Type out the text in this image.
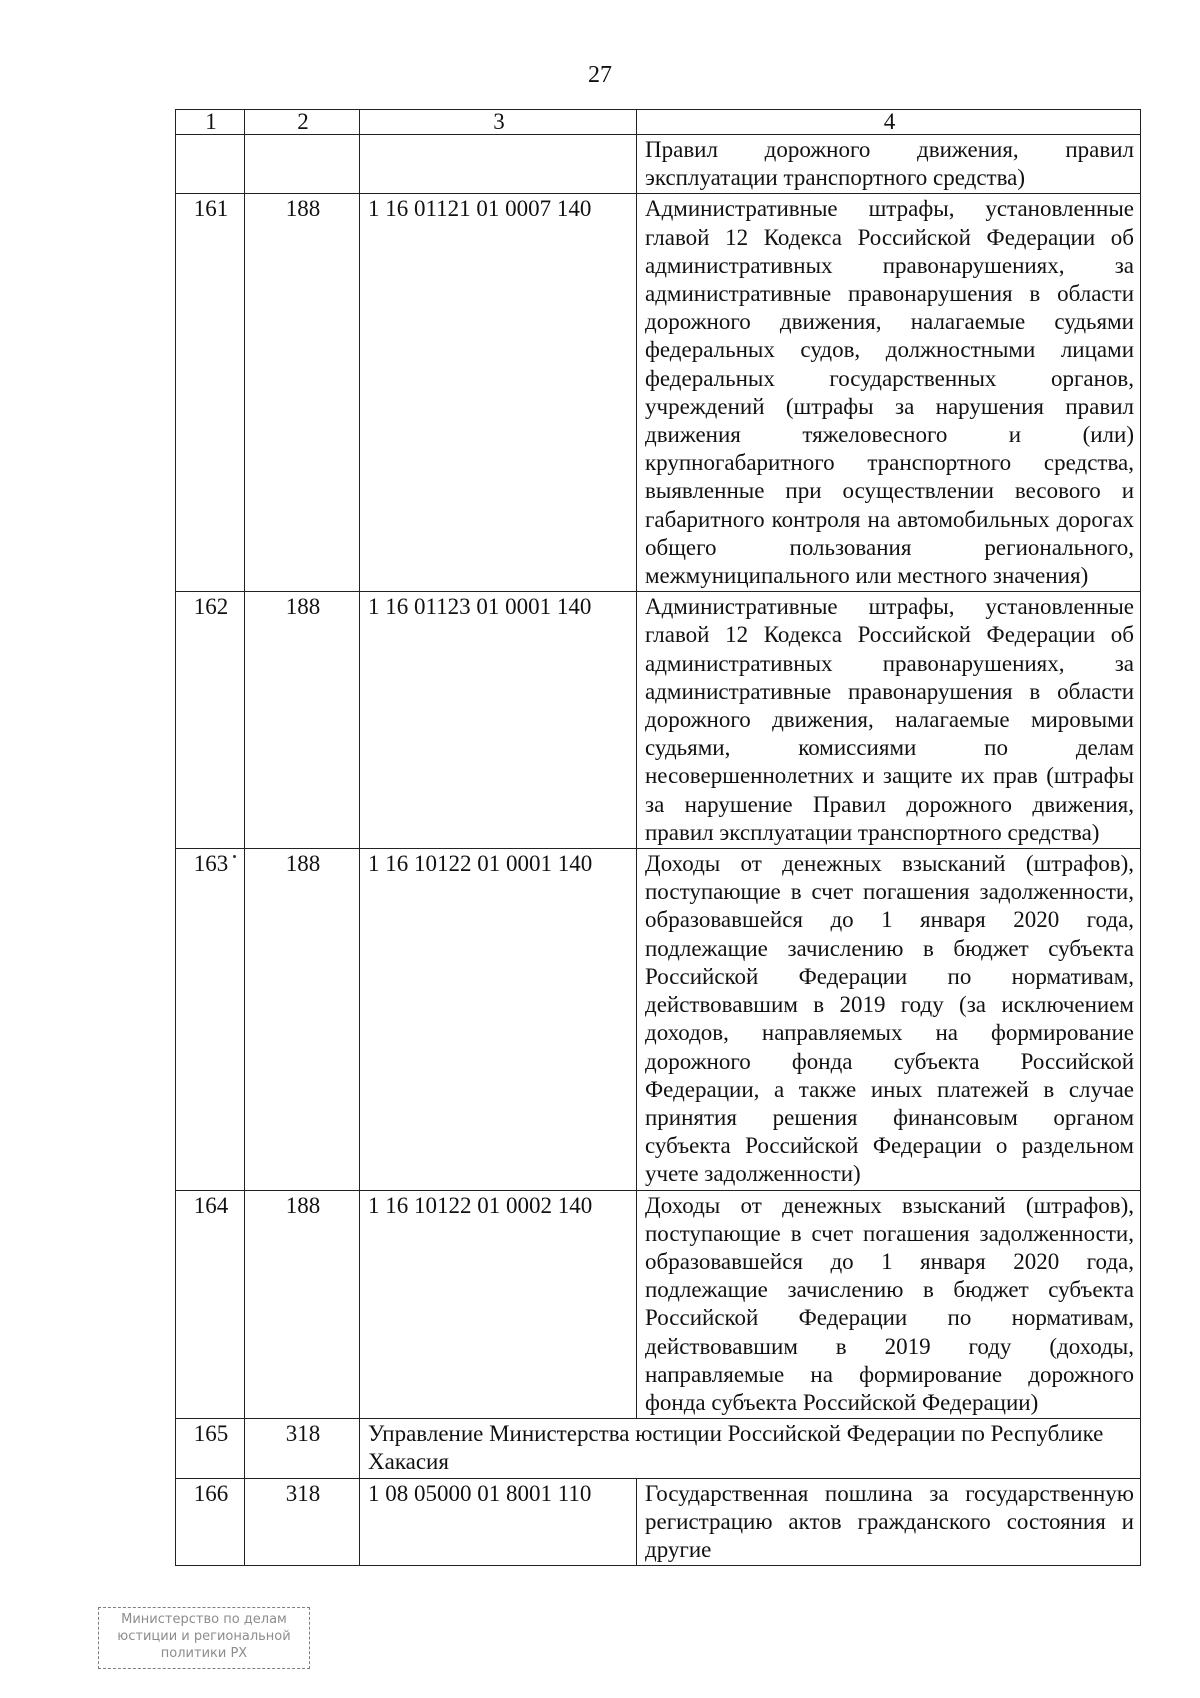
27
1	2	3	4
			Правил дорожного движения, правил эксплуатации транспортного средства)
161	188	1 16 01121 01 0007 140	Административные штрафы, установленные главой 12 Кодекса Российской Федерации об административных правонарушениях, за административные правонарушения в области дорожного движения, налагаемые судьями федеральных судов, должностными лицами федеральных государственных органов, учреждений (штрафы за нарушения правил движения тяжеловесного и (или) крупногабаритного транспортного средства, выявленные при осуществлении весового и габаритного контроля на автомобильных дорогах общего пользования регионального, межмуниципального или местного значения)
162	188	1 16 01123 01 0001 140	Административные штрафы, установленные главой 12 Кодекса Российской Федерации об административных правонарушениях, за административные правонарушения в области дорожного движения, налагаемые мировыми судьями, комиссиями по делам несовершеннолетних и защите их прав (штрафы за нарушение Правил дорожного движения, правил эксплуатации транспортного средства)
163	188	1 16 10122 01 0001 140	Доходы от денежных взысканий (штрафов), поступающие в счет погашения задолженности, образовавшейся до 1 января 2020 года, подлежащие зачислению в бюджет субъекта Российской Федерации по нормативам, действовавшим в 2019 году (за исключением доходов, направляемых на формирование дорожного фонда субъекта Российской Федерации, а также иных платежей в случае принятия решения финансовым органом субъекта Российской Федерации о раздельном учете задолженности)
164	188	1 16 10122 01 0002 140	Доходы от денежных взысканий (штрафов), поступающие в счет погашения задолженности, образовавшейся до 1 января 2020 года, подлежащие зачислению в бюджет субъекта Российской Федерации по нормативам, действовавшим в 2019 году (доходы, направляемые на формирование дорожного фонда субъекта Российской Федерации)
165	318	Управление Министерства юстиции Российской Федерации по Республике Хакасия	
166	318	1 08 05000 01 8001 110	Государственная пошлина за государственную регистрацию актов гражданского состояния и другие
Министерство по делам
юстиции и региональной
политики РХ
